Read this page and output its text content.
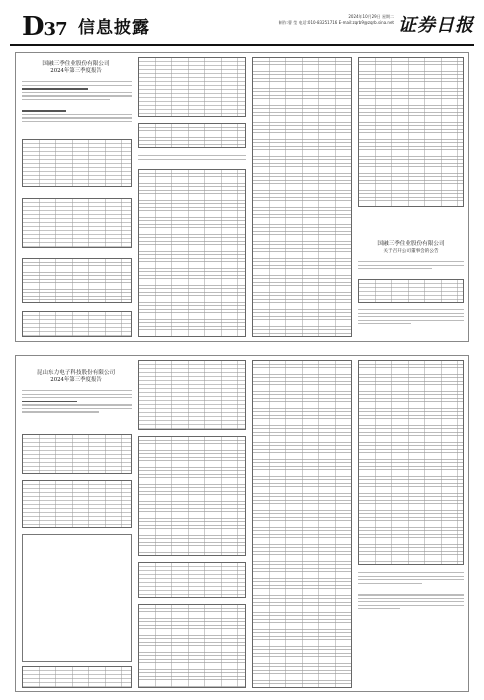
D37 信息披露
2024年10月29日 星期二
制作:曹 莹 电话:010-83251716 E-mail:zqrb9@zqrb.sina.net 证券日报
国融三季住业股份有限公司
2024年第三季度报告
国融三季住业股份有限公司
关于召开公司董事会的公告
昆山东力电子科技股份有限公司
2024年第三季度报告
